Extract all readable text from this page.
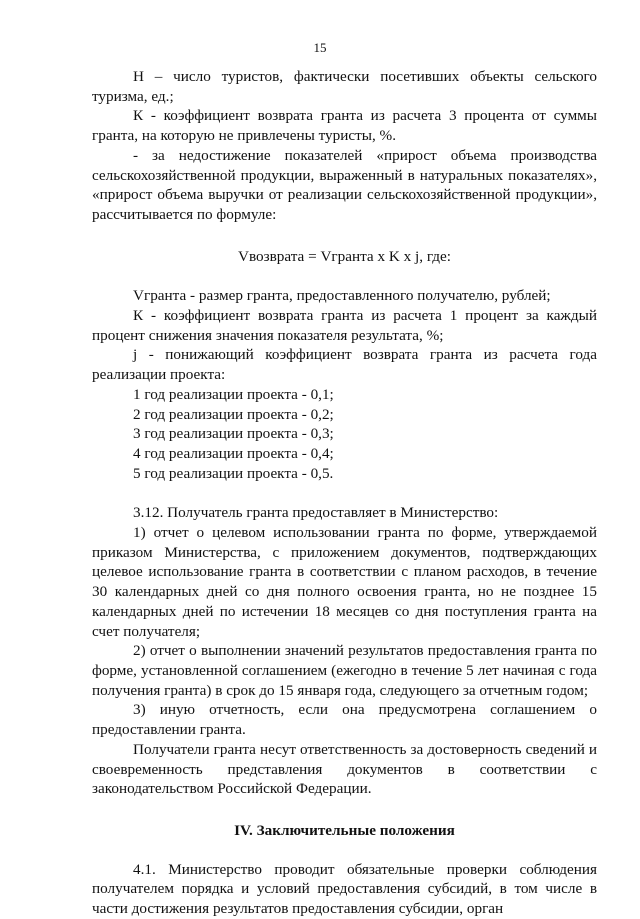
15

Н – число туристов, фактически посетивших объекты сельского туризма, ед.;

К - коэффициент возврата гранта из расчета 3 процента от суммы гранта, на которую не привлечены туристы, %.

- за недостижение показателей «прирост объема производства сельскохозяйственной продукции, выраженный в натуральных показателях», «прирост объема выручки от реализации сельскохозяйственной продукции», рассчитывается по формуле:

Vвозврата = Vгранта x K x j, где:

Vгранта - размер гранта, предоставленного получателю, рублей;

К - коэффициент возврата гранта из расчета 1 процент за каждый процент снижения значения показателя результата, %;

j - понижающий коэффициент возврата гранта из расчета года реализации проекта:

1 год реализации проекта - 0,1;

2 год реализации проекта - 0,2;

3 год реализации проекта - 0,3;

4 год реализации проекта - 0,4;

5 год реализации проекта - 0,5.

3.12. Получатель гранта предоставляет в Министерство:

1) отчет о целевом использовании гранта по форме, утверждаемой приказом Министерства, с приложением документов, подтверждающих целевое использование гранта в соответствии с планом расходов, в течение 30 календарных дней со дня полного освоения гранта, но не позднее 15 календарных дней по истечении 18 месяцев со дня поступления гранта на счет получателя;

2) отчет о выполнении значений результатов предоставления гранта по форме, установленной соглашением (ежегодно в течение 5 лет начиная с года получения гранта) в срок до 15 января года, следующего за отчетным годом;

3) иную отчетность, если она предусмотрена соглашением о предоставлении гранта.

Получатели гранта несут ответственность за достоверность сведений и своевременность представления документов в соответствии с законодательством Российской Федерации.

IV. Заключительные положения

4.1. Министерство проводит обязательные проверки соблюдения получателем порядка и условий предоставления субсидий, в том числе в части достижения результатов предоставления субсидии, орган
